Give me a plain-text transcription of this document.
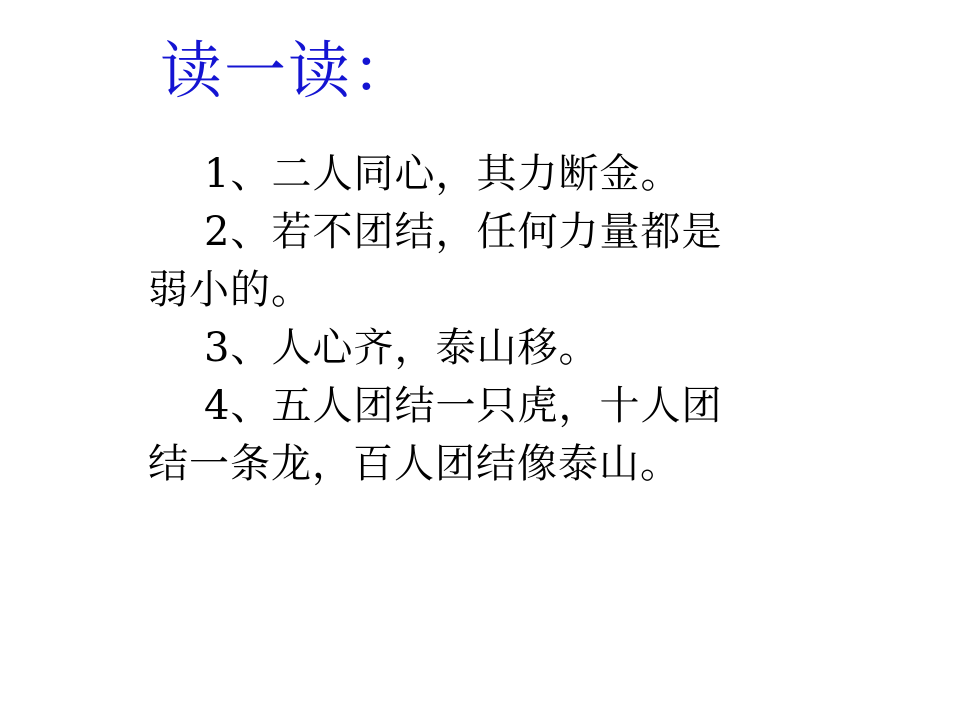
读一读：

1、二人同心，其力断金。

2、若不团结，任何力量都是

弱小的。

3、人心齐，泰山移。

4、五人团结一只虎，十人团

结一条龙，百人团结像泰山。
